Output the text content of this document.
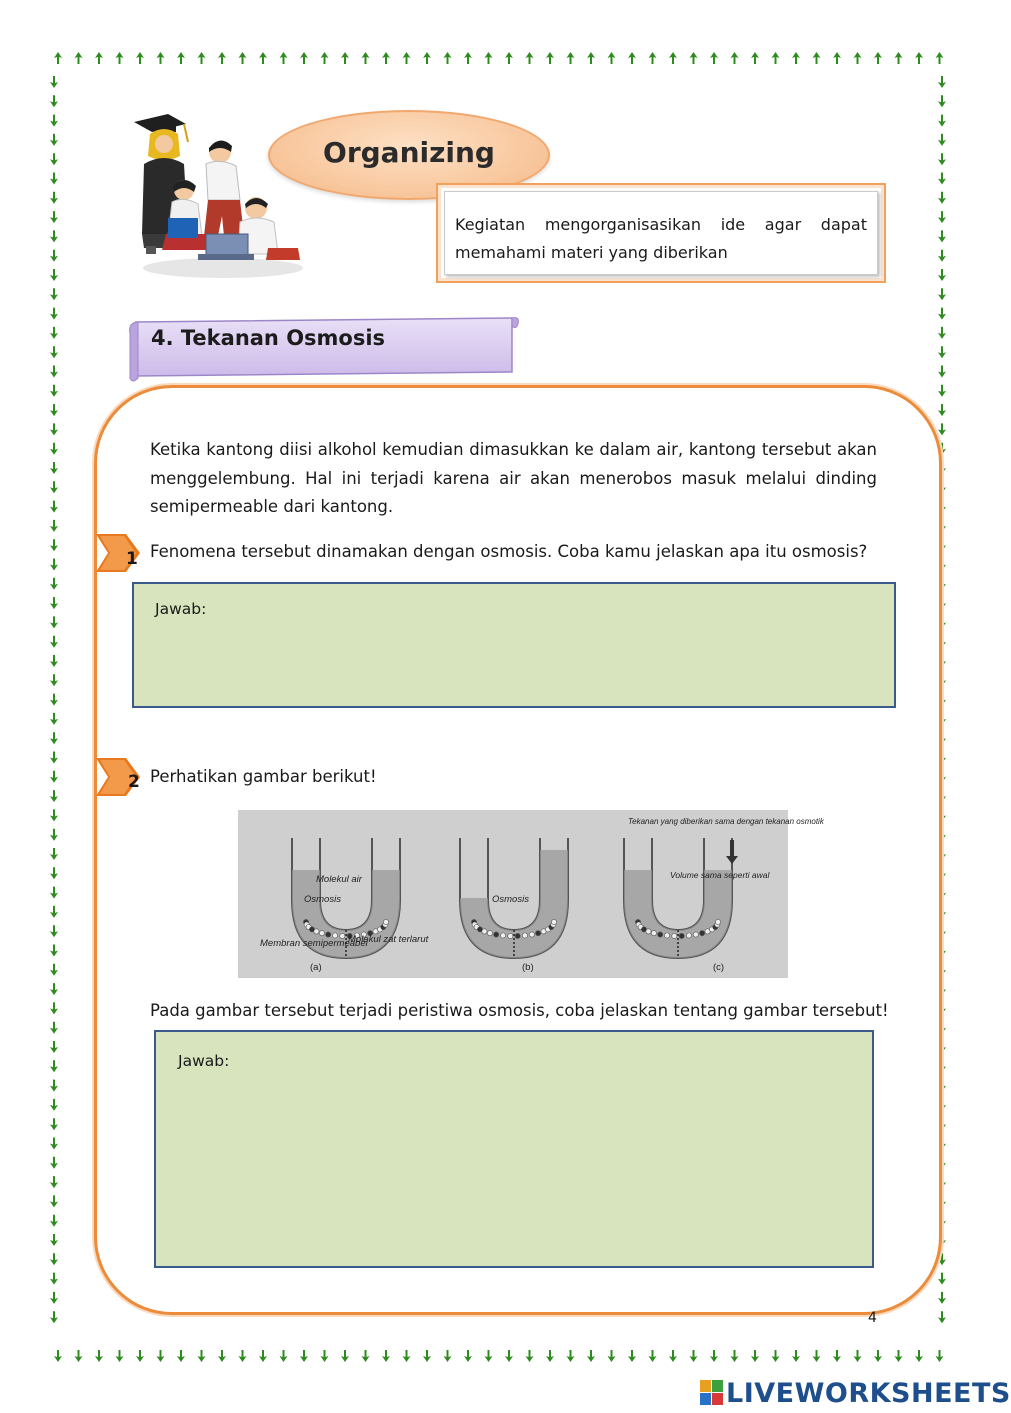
Organizing
Kegiatan mengorganisasikan ide agar dapat memahami materi yang diberikan
4. Tekanan Osmosis
Ketika kantong diisi alkohol kemudian dimasukkan ke dalam air, kantong tersebut akan menggelembung. Hal ini terjadi karena air akan menerobos masuk melalui dinding semipermeable dari kantong.
1 Fenomena tersebut dinamakan dengan osmosis. Coba kamu jelaskan apa itu osmosis?
Jawab:
2 Perhatikan gambar berikut!
Molekul air
Osmosis
Membran semipermeabel
Molekul zat terlarut
Osmosis
Tekanan yang diberikan sama dengan tekanan osmotik
Volume sama seperti awal
(a)	(b)	(c)
Pada gambar tersebut terjadi peristiwa osmosis, coba jelaskan tentang gambar tersebut!
Jawab:
4
LIVEWORKSHEETS
